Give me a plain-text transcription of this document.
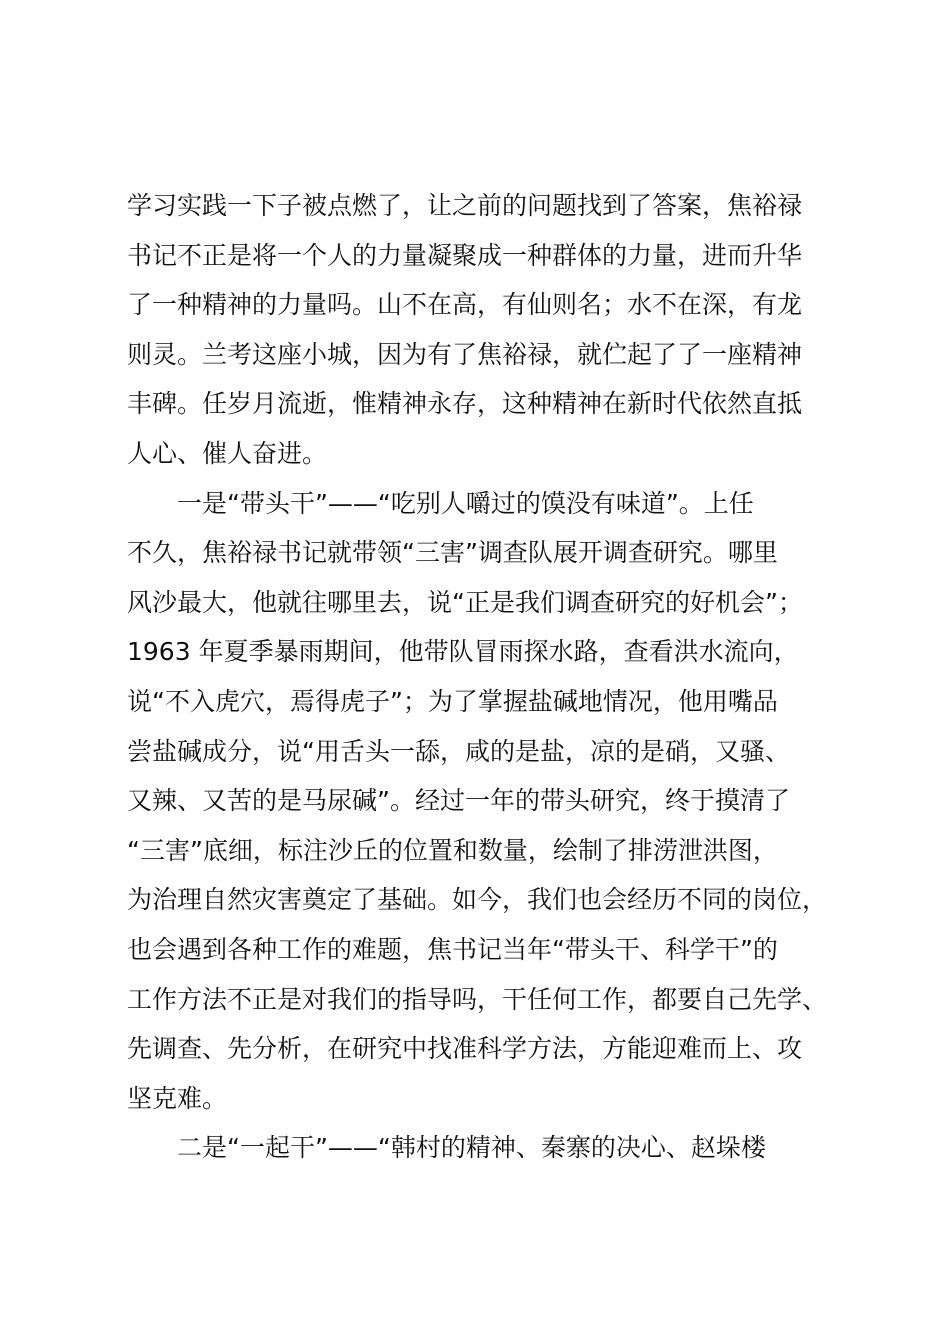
学习实践一下子被点燃了，让之前的问题找到了答案，焦裕禄
书记不正是将一个人的力量凝聚成一种群体的力量，进而升华
了一种精神的力量吗。山不在高，有仙则名；水不在深，有龙
则灵。兰考这座小城，因为有了焦裕禄，就伫起了了一座精神
丰碑。任岁月流逝，惟精神永存，这种精神在新时代依然直抵
人心、催人奋进。

一是“带头干”——“吃别人嚼过的馍没有味道”。上任
不久，焦裕禄书记就带领“三害”调查队展开调查研究。哪里
风沙最大，他就往哪里去，说“正是我们调查研究的好机会”；
1963 年夏季暴雨期间，他带队冒雨探水路，查看洪水流向，
说“不入虎穴，焉得虎子”；为了掌握盐碱地情况，他用嘴品
尝盐碱成分，说“用舌头一舔，咸的是盐，凉的是硝，又骚、
又辣、又苦的是马尿碱”。经过一年的带头研究，终于摸清了
“三害”底细，标注沙丘的位置和数量，绘制了排涝泄洪图，
为治理自然灾害奠定了基础。如今，我们也会经历不同的岗位，
也会遇到各种工作的难题，焦书记当年“带头干、科学干”的
工作方法不正是对我们的指导吗，干任何工作，都要自己先学、
先调查、先分析，在研究中找准科学方法，方能迎难而上、攻
坚克难。

二是“一起干”——“韩村的精神、秦寨的决心、赵垛楼
